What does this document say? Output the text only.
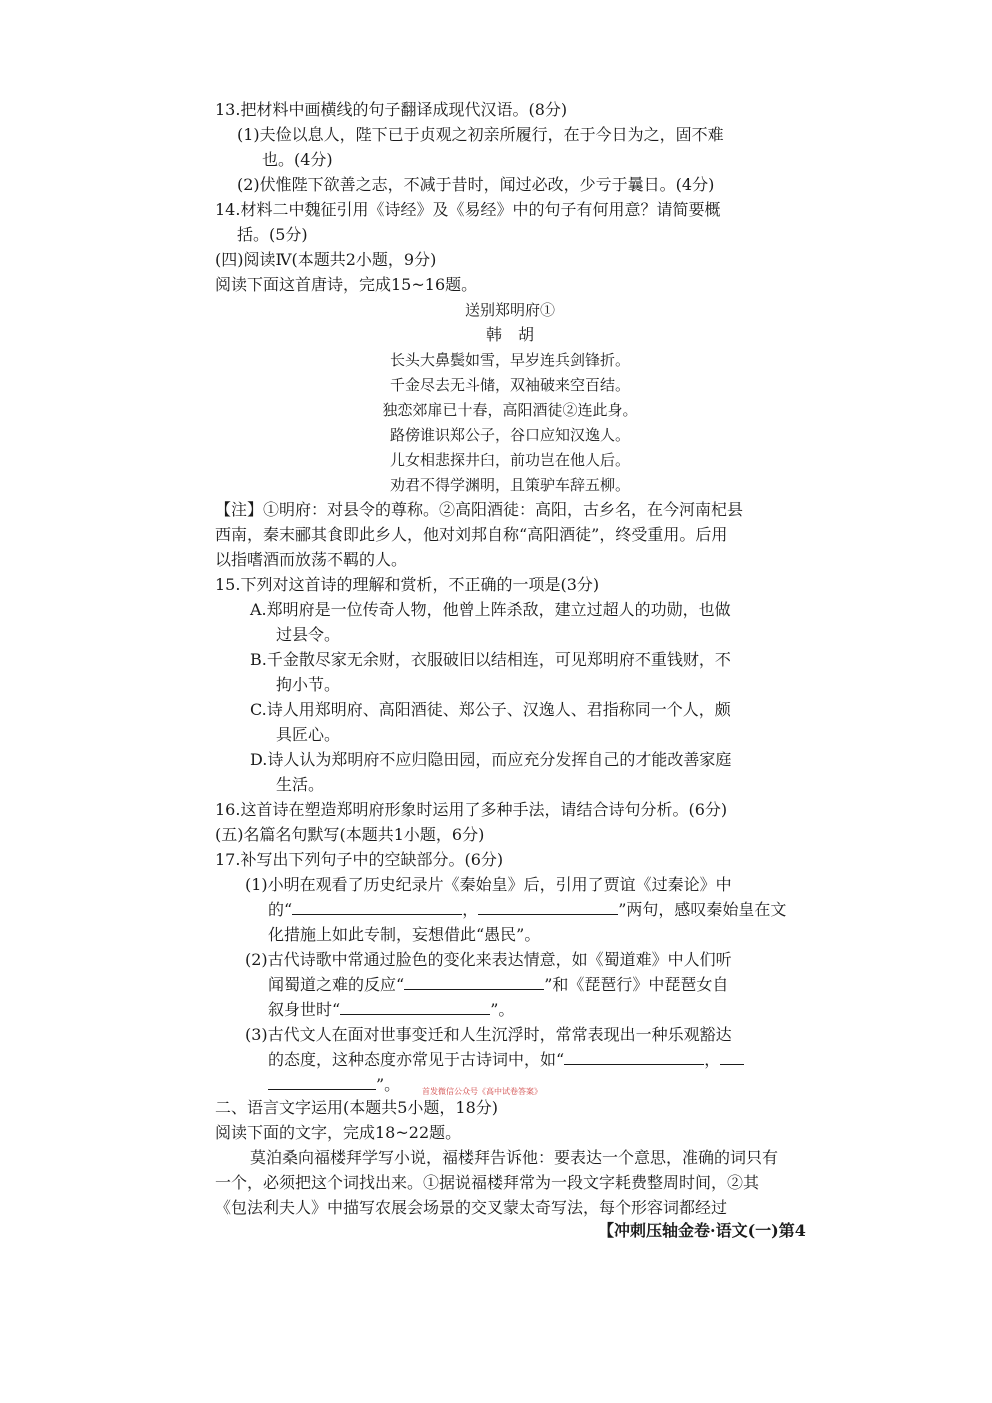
13.把材料中画横线的句子翻译成现代汉语。(8分)
(1)夫俭以息人，陛下已于贞观之初亲所履行，在于今日为之，固不难
也。(4分)
(2)伏惟陛下欲善之志，不减于昔时，闻过必改，少亏于曩日。(4分)
14.材料二中魏征引用《诗经》及《易经》中的句子有何用意？请简要概
括。(5分)
(四)阅读Ⅳ(本题共2小题，9分)
阅读下面这首唐诗，完成15~16题。
送别郑明府①
韩　胡
长头大鼻鬓如雪，早岁连兵剑锋折。
千金尽去无斗储，双袖破来空百结。
独恋郊扉已十春，高阳酒徒②连此身。
路傍谁识郑公子，谷口应知汉逸人。
儿女相悲探井臼，前功岂在他人后。
劝君不得学渊明，且策驴车辞五柳。
【注】①明府：对县令的尊称。②高阳酒徒：高阳，古乡名，在今河南杞县
西南，秦末郦其食即此乡人，他对刘邦自称“高阳酒徒”，终受重用。后用
以指嗜酒而放荡不羁的人。
15.下列对这首诗的理解和赏析，不正确的一项是(3分)
A.郑明府是一位传奇人物，他曾上阵杀敌，建立过超人的功勋，也做
过县令。
B.千金散尽家无余财，衣服破旧以结相连，可见郑明府不重钱财，不
拘小节。
C.诗人用郑明府、高阳酒徒、郑公子、汉逸人、君指称同一个人，颇
具匠心。
D.诗人认为郑明府不应归隐田园，而应充分发挥自己的才能改善家庭
生活。
16.这首诗在塑造郑明府形象时运用了多种手法，请结合诗句分析。(6分)
(五)名篇名句默写(本题共1小题，6分)
17.补写出下列句子中的空缺部分。(6分)
(1)小明在观看了历史纪录片《秦始皇》后，引用了贾谊《过秦论》中
的“	，	”两句，感叹秦始皇在文
化措施上如此专制，妄想借此“愚民”。
(2)古代诗歌中常通过脸色的变化来表达情意，如《蜀道难》中人们听
闻蜀道之难的反应“	”和《琵琶行》中琵琶女自
叙身世时“	”。
(3)古代文人在面对世事变迁和人生沉浮时，常常表现出一种乐观豁达
的态度，这种态度亦常见于古诗词中，如“	，
”。	首发微信公众号《高中试卷答案》
二、语言文字运用(本题共5小题，18分)
阅读下面的文字，完成18~22题。
莫泊桑向福楼拜学写小说，福楼拜告诉他：要表达一个意思，准确的词只有
一个，必须把这个词找出来。①据说福楼拜常为一段文字耗费整周时间，②其
《包法利夫人》中描写农展会场景的交叉蒙太奇写法，每个形容词都经过
【冲刺压轴金卷·语文(一)第4
